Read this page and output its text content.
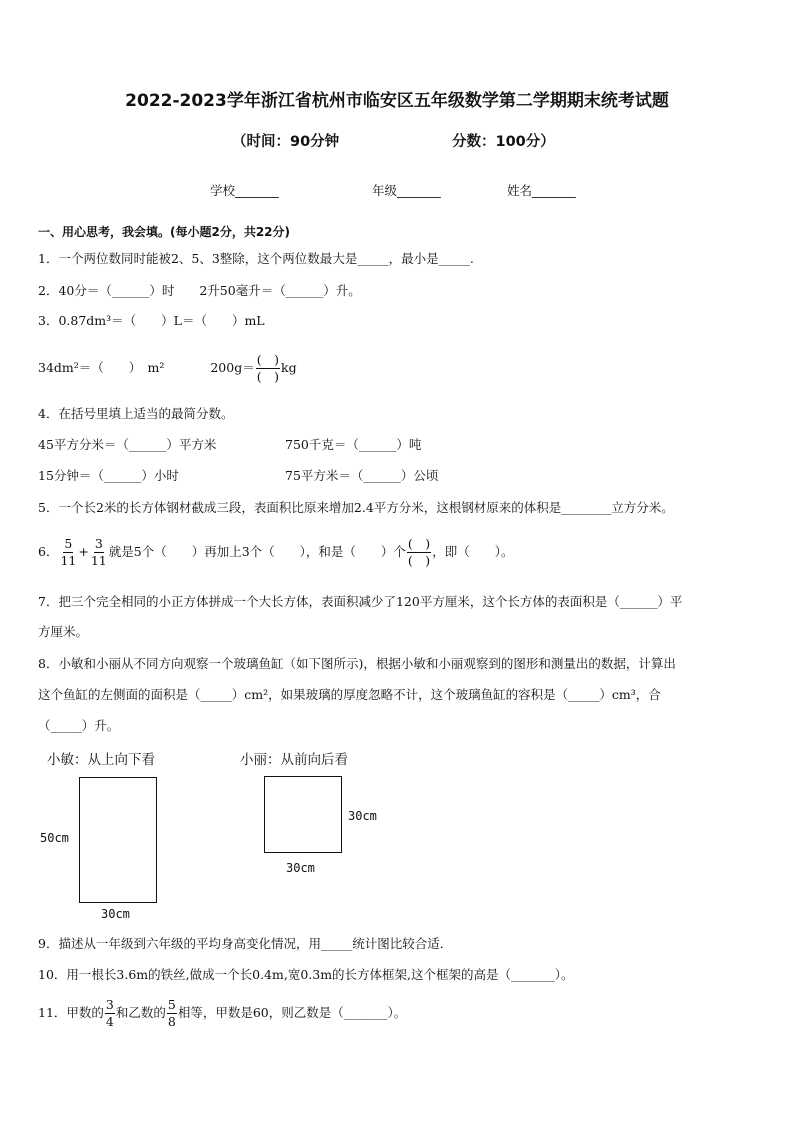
2022-2023学年浙江省杭州市临安区五年级数学第二学期期末统考试题
（时间：90分钟	分数：100分）
学校_______	年级_______	姓名_______
一、用心思考，我会填。(每小题2分，共22分)
1．一个两位数同时能被2、5、3整除，这个两位数最大是_____，最小是_____.
2．40分＝（______）时　　2升50毫升＝（______）升。
3．0.87dm³＝（　　）L＝（　　）mL
34dm²＝（　　）　m²	$200g= \frac{( )}{( )}$ kg
4．在括号里填上适当的最简分数。
45平方分米＝（______）平方米	750千克＝（______）吨
15分钟＝（______）小时	75平方米＝（______）公顷
5．一个长2米的长方体钢材截成三段，表面积比原来增加2.4平方分米，这根钢材原来的体积是________立方分米。
6． $\frac{5}{11} + \frac{3}{11}$ 就是5个（　　）再加上3个（　　），和是（　　）个 $\frac{( )}{( )}$ ，即（　　）。
7．把三个完全相同的小正方体拼成一个大长方体，表面积减少了120平方厘米，这个长方体的表面积是（______）平
方厘米。
8．小敏和小丽从不同方向观察一个玻璃鱼缸（如下图所示)，根据小敏和小丽观察到的图形和测量出的数据，计算出
这个鱼缸的左侧面的面积是（_____）cm²，如果玻璃的厚度忽略不计，这个玻璃鱼缸的容积是（_____）cm³，合
（_____）升。
小敏：从上向下看
50cm
30cm
小丽：从前向后看
30cm
30cm
9．描述从一年级到六年级的平均身高变化情况，用_____统计图比较合适．
10．用一根长3.6m的铁丝,做成一个长0.4m,宽0.3m的长方体框架,这个框架的高是（_______）。
11．甲数的 $\frac{3}{4}$ 和乙数的 $\frac{5}{8}$ 相等，甲数是60，则乙数是（_______）。
